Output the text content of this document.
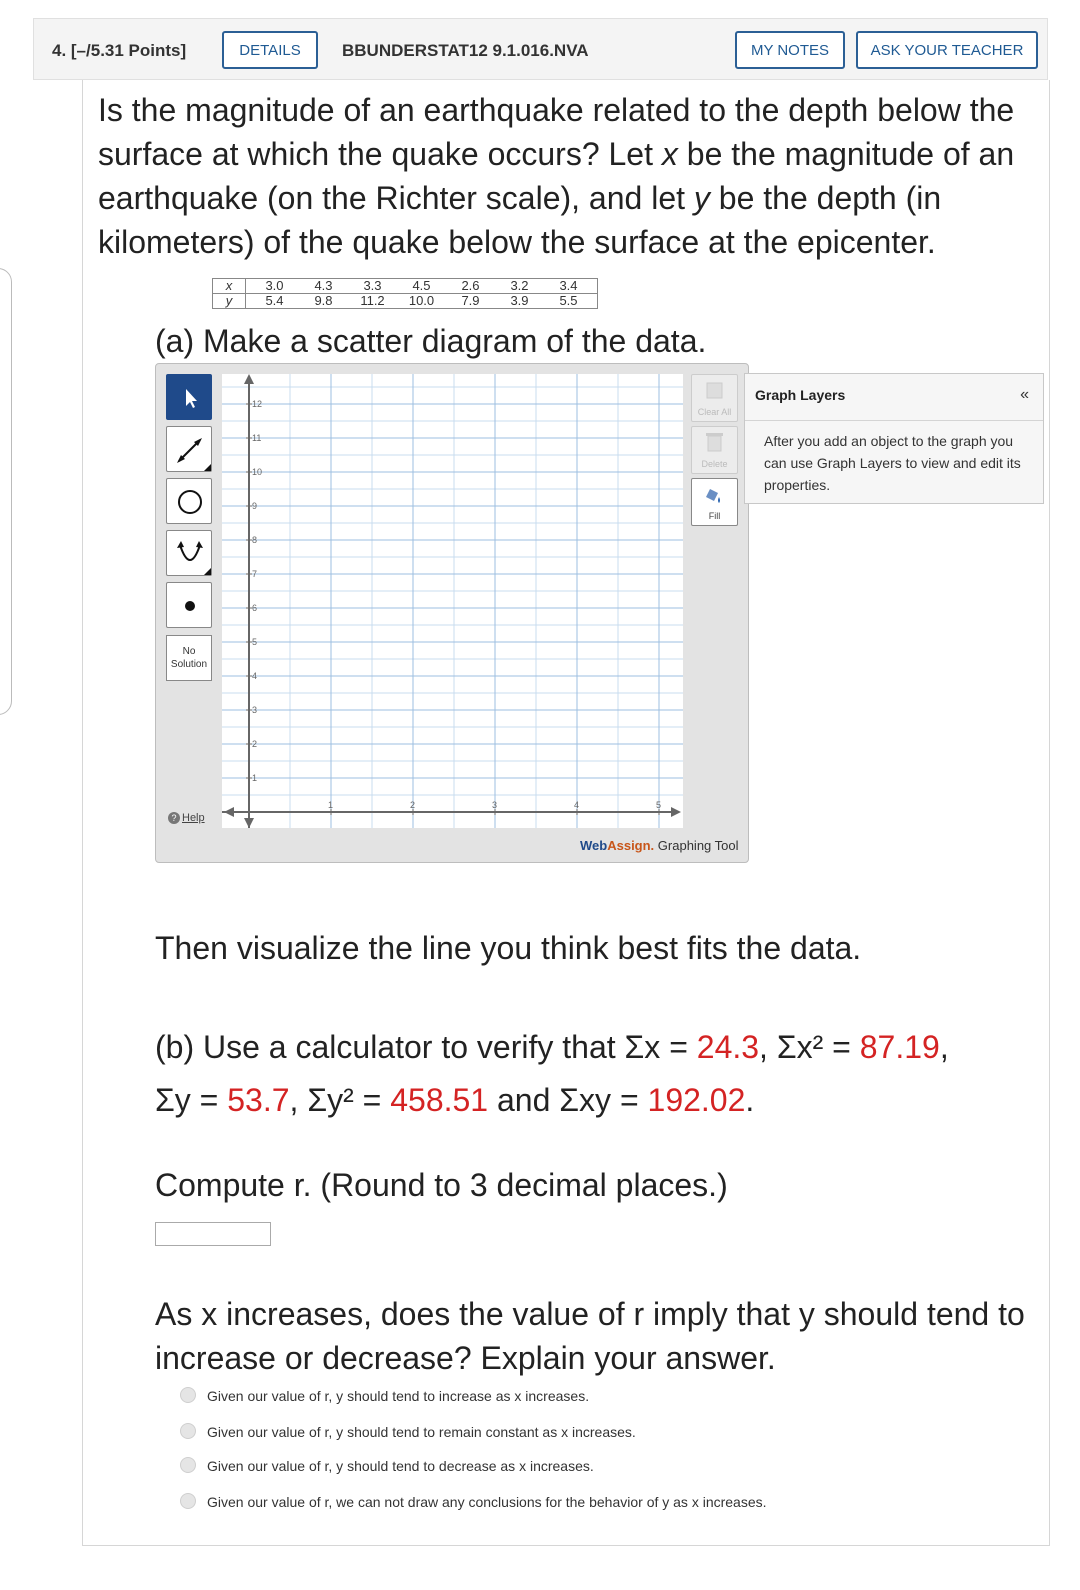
4. [–/5.31 Points]	DETAILS	BBUNDERSTAT12 9.1.016.NVA	MY NOTES	ASK YOUR TEACHER
Is the magnitude of an earthquake related to the depth below the surface at which the quake occurs? Let x be the magnitude of an earthquake (on the Richter scale), and let y be the depth (in kilometers) of the quake below the surface at the epicenter.
x	3.0 4.3 3.3 4.5 2.6 3.2 3.4
y	5.4 9.8 11.2 10.0 7.9 3.9 5.5
(a) Make a scatter diagram of the data.
No
Solution
? Help
1
2
3
4
5
6
7
8
9
10
11
12
1	2	3	4	5
Clear All
Delete
Fill
WebAssign. Graphing Tool
Graph Layers	«
After you add an object to the graph you can use Graph Layers to view and edit its properties.
Then visualize the line you think best fits the data.
(b) Use a calculator to verify that Σx = 24.3, Σx² = 87.19,
Σy = 53.7, Σy² = 458.51 and Σxy = 192.02.
Compute r. (Round to 3 decimal places.)
As x increases, does the value of r imply that y should tend to increase or decrease? Explain your answer.
Given our value of r, y should tend to increase as x increases.
Given our value of r, y should tend to remain constant as x increases.
Given our value of r, y should tend to decrease as x increases.
Given our value of r, we can not draw any conclusions for the behavior of y as x increases.
